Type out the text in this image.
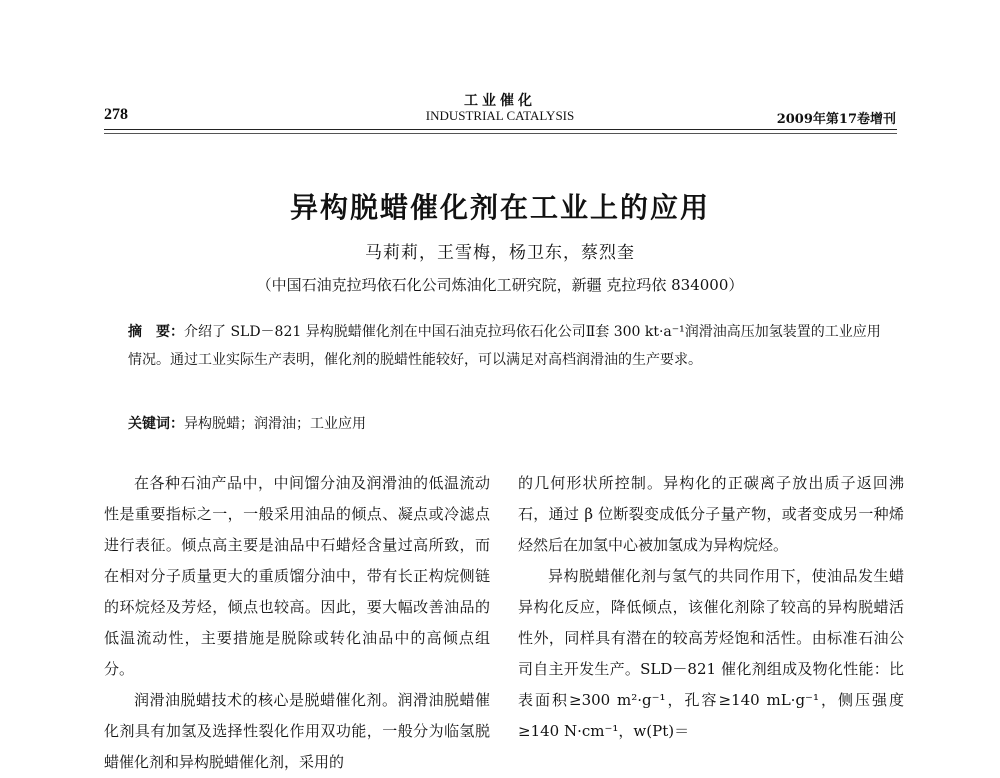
278
工业催化
INDUSTRIAL CATALYSIS	2009年第17卷增刊
异构脱蜡催化剂在工业上的应用
马莉莉，王雪梅，杨卫东，蔡烈奎
（中国石油克拉玛依石化公司炼油化工研究院，新疆 克拉玛依 834000）
摘　要：介绍了 SLD－821 异构脱蜡催化剂在中国石油克拉玛依石化公司Ⅱ套 300 kt·a⁻¹润滑油高压加氢装置的工业应用情况。通过工业实际生产表明，催化剂的脱蜡性能较好，可以满足对高档润滑油的生产要求。
关键词：异构脱蜡；润滑油；工业应用

在各种石油产品中，中间馏分油及润滑油的低温流动性是重要指标之一，一般采用油品的倾点、凝点或冷滤点进行表征。倾点高主要是油品中石蜡烃含量过高所致，而在相对分子质量更大的重质馏分油中，带有长正构烷侧链的环烷烃及芳烃，倾点也较高。因此，要大幅改善油品的低温流动性，主要措施是脱除或转化油品中的高倾点组分。

润滑油脱蜡技术的核心是脱蜡催化剂。润滑油脱蜡催化剂具有加氢及选择性裂化作用双功能，一般分为临氢脱蜡催化剂和异构脱蜡催化剂，采用的

的几何形状所控制。异构化的正碳离子放出质子返回沸石，通过 β 位断裂变成低分子量产物，或者变成另一种烯烃然后在加氢中心被加氢成为异构烷烃。

异构脱蜡催化剂与氢气的共同作用下，使油品发生蜡异构化反应，降低倾点，该催化剂除了较高的异构脱蜡活性外，同样具有潜在的较高芳烃饱和活性。由标准石油公司自主开发生产。SLD－821 催化剂组成及物化性能：比表面积≥300 m²·g⁻¹，孔容≥140 mL·g⁻¹，侧压强度≥140 N·cm⁻¹，w(Pt)＝
